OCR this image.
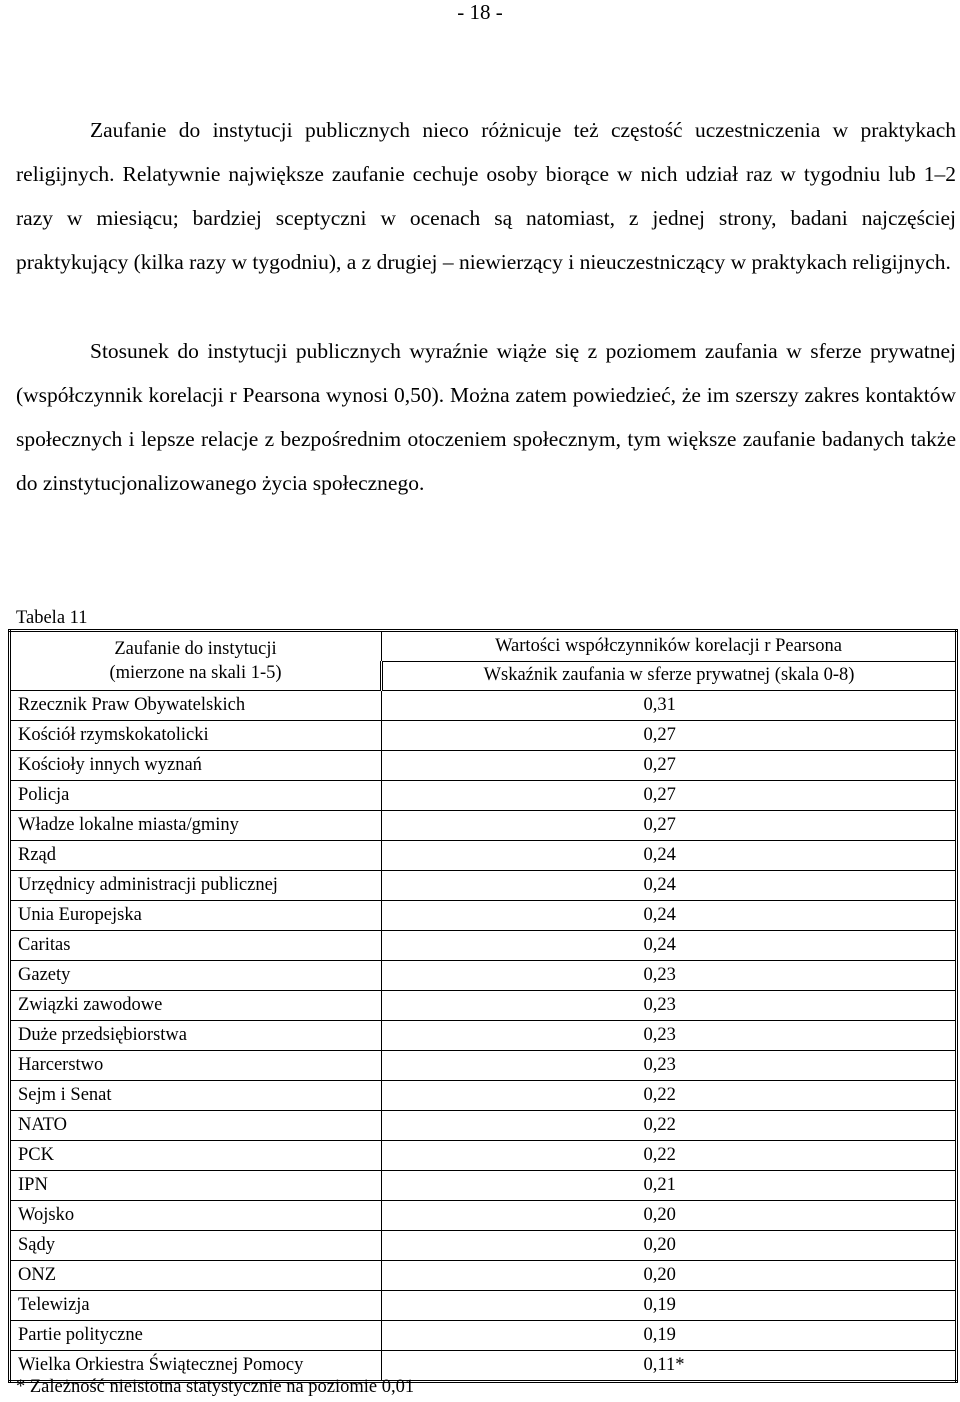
- 18 -

Zaufanie do instytucji publicznych nieco różnicuje też częstość uczestniczenia w praktykach religijnych. Relatywnie największe zaufanie cechuje osoby biorące w nich udział raz w tygodniu lub 1–2 razy w miesiącu; bardziej sceptyczni w ocenach są natomiast, z jednej strony, badani najczęściej praktykujący (kilka razy w tygodniu), a z drugiej – niewierzący i nieuczestniczący w praktykach religijnych.

Stosunek do instytucji publicznych wyraźnie wiąże się z poziomem zaufania w sferze prywatnej (współczynnik korelacji r Pearsona wynosi 0,50). Można zatem powiedzieć, że im szerszy zakres kontaktów społecznych i lepsze relacje z bezpośrednim otoczeniem społecznym, tym większe zaufanie badanych także do zinstytucjonalizowanego życia społecznego.

Tabela 11
Zaufanie do instytucji
(mierzone na skali 1-5)	Wartości współczynników korelacji r Pearsona
	Wskaźnik zaufania w sferze prywatnej (skala 0-8)
Rzecznik Praw Obywatelskich	0,31
Kościół rzymskokatolicki	0,27
Kościoły innych wyznań	0,27
Policja	0,27
Władze lokalne miasta/gminy	0,27
Rząd	0,24
Urzędnicy administracji publicznej	0,24
Unia Europejska	0,24
Caritas	0,24
Gazety	0,23
Związki zawodowe	0,23
Duże przedsiębiorstwa	0,23
Harcerstwo	0,23
Sejm i Senat	0,22
NATO	0,22
PCK	0,22
IPN	0,21
Wojsko	0,20
Sądy	0,20
ONZ	0,20
Telewizja	0,19
Partie polityczne	0,19
Wielka Orkiestra Świątecznej Pomocy	0,11*
* Zależność nieistotna statystycznie na poziomie 0,01
